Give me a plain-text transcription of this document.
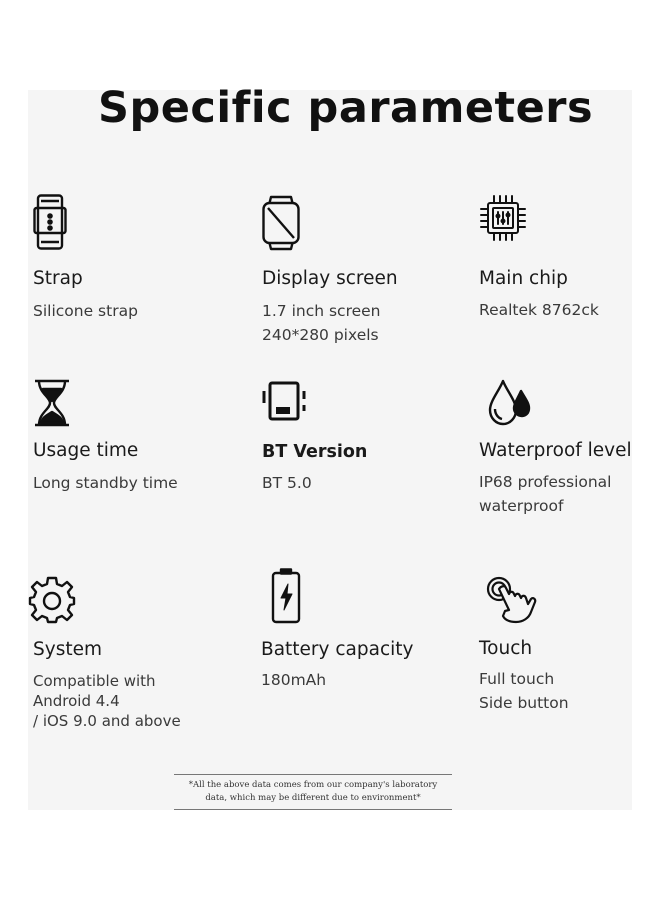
Specific parameters
Strap
Silicone strap
Display screen
1.7 inch screen
240*280 pixels
Main chip
Realtek 8762ck
Usage time
Long standby time
BT Version
BT 5.0
Waterproof level
IP68 professional
waterproof
System
Compatible with
Android 4.4
/ iOS 9.0 and above
Battery capacity
180mAh
Touch
Full touch
Side button
*All the above data comes from our company's laboratory
data, which may be different due to environment*
